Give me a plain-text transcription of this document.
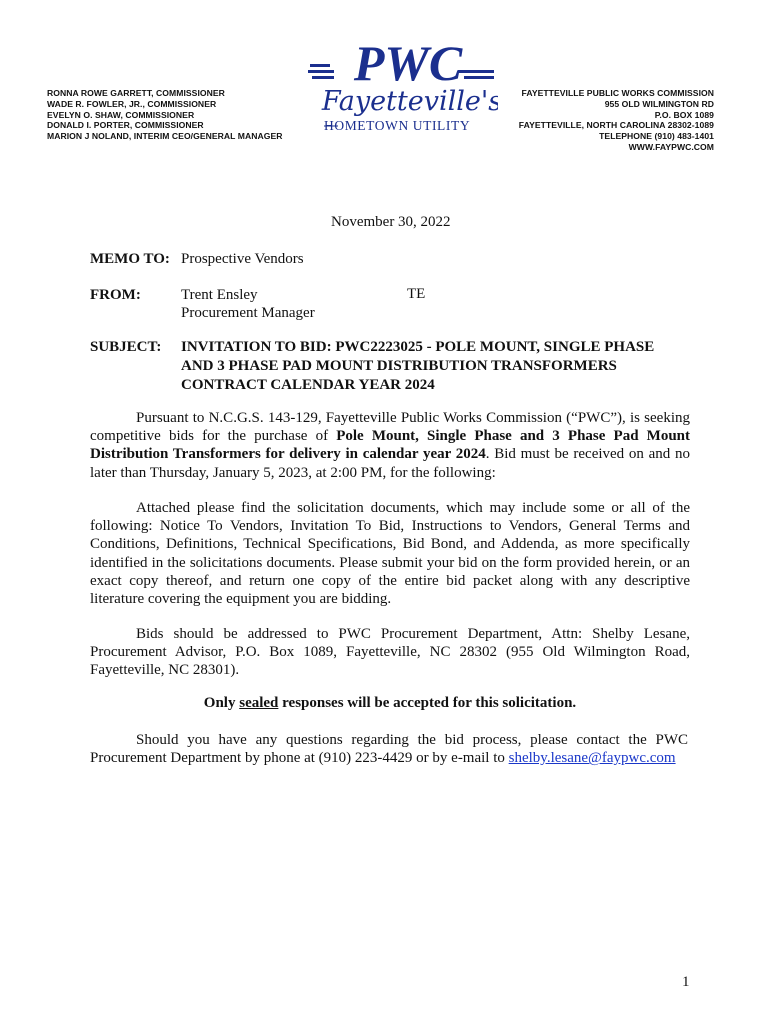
RONNA ROWE GARRETT, COMMISSIONER
WADE R. FOWLER, JR., COMMISSIONER
EVELYN O. SHAW, COMMISSIONER
DONALD I. PORTER, COMMISSIONER
MARION J NOLAND, INTERIM CEO/GENERAL MANAGER
PWC
Fayetteville's
HOMETOWN UTILITY
FAYETTEVILLE PUBLIC WORKS COMMISSION
955 OLD WILMINGTON RD
P.O. BOX 1089
FAYETTEVILLE, NORTH CAROLINA 28302-1089
TELEPHONE (910) 483-1401
WWW.FAYPWC.COM
November 30, 2022
MEMO TO: Prospective Vendors
FROM:	Trent Ensley
Procurement Manager
TE
SUBJECT: INVITATION TO BID: PWC2223025 - POLE MOUNT, SINGLE PHASE
AND 3 PHASE PAD MOUNT DISTRIBUTION TRANSFORMERS
CONTRACT CALENDAR YEAR 2024
Pursuant to N.C.G.S. 143-129, Fayetteville Public Works Commission (“PWC”), is seeking competitive bids for the purchase of Pole Mount, Single Phase and 3 Phase Pad Mount Distribution Transformers for delivery in calendar year 2024. Bid must be received on and no later than Thursday, January 5, 2023, at 2:00 PM, for the following:
Attached please find the solicitation documents, which may include some or all of the following: Notice To Vendors, Invitation To Bid, Instructions to Vendors, General Terms and Conditions, Definitions, Technical Specifications, Bid Bond, and Addenda, as more specifically identified in the solicitations documents. Please submit your bid on the form provided herein, or an exact copy thereof, and return one copy of the entire bid packet along with any descriptive literature covering the equipment you are bidding.
Bids should be addressed to PWC Procurement Department, Attn: Shelby Lesane, Procurement Advisor, P.O. Box 1089, Fayetteville, NC 28302 (955 Old Wilmington Road, Fayetteville, NC 28301).
Only sealed responses will be accepted for this solicitation.
Should you have any questions regarding the bid process, please contact the PWC Procurement Department by phone at (910) 223-4429 or by e-mail to shelby.lesane@faypwc.com
1
